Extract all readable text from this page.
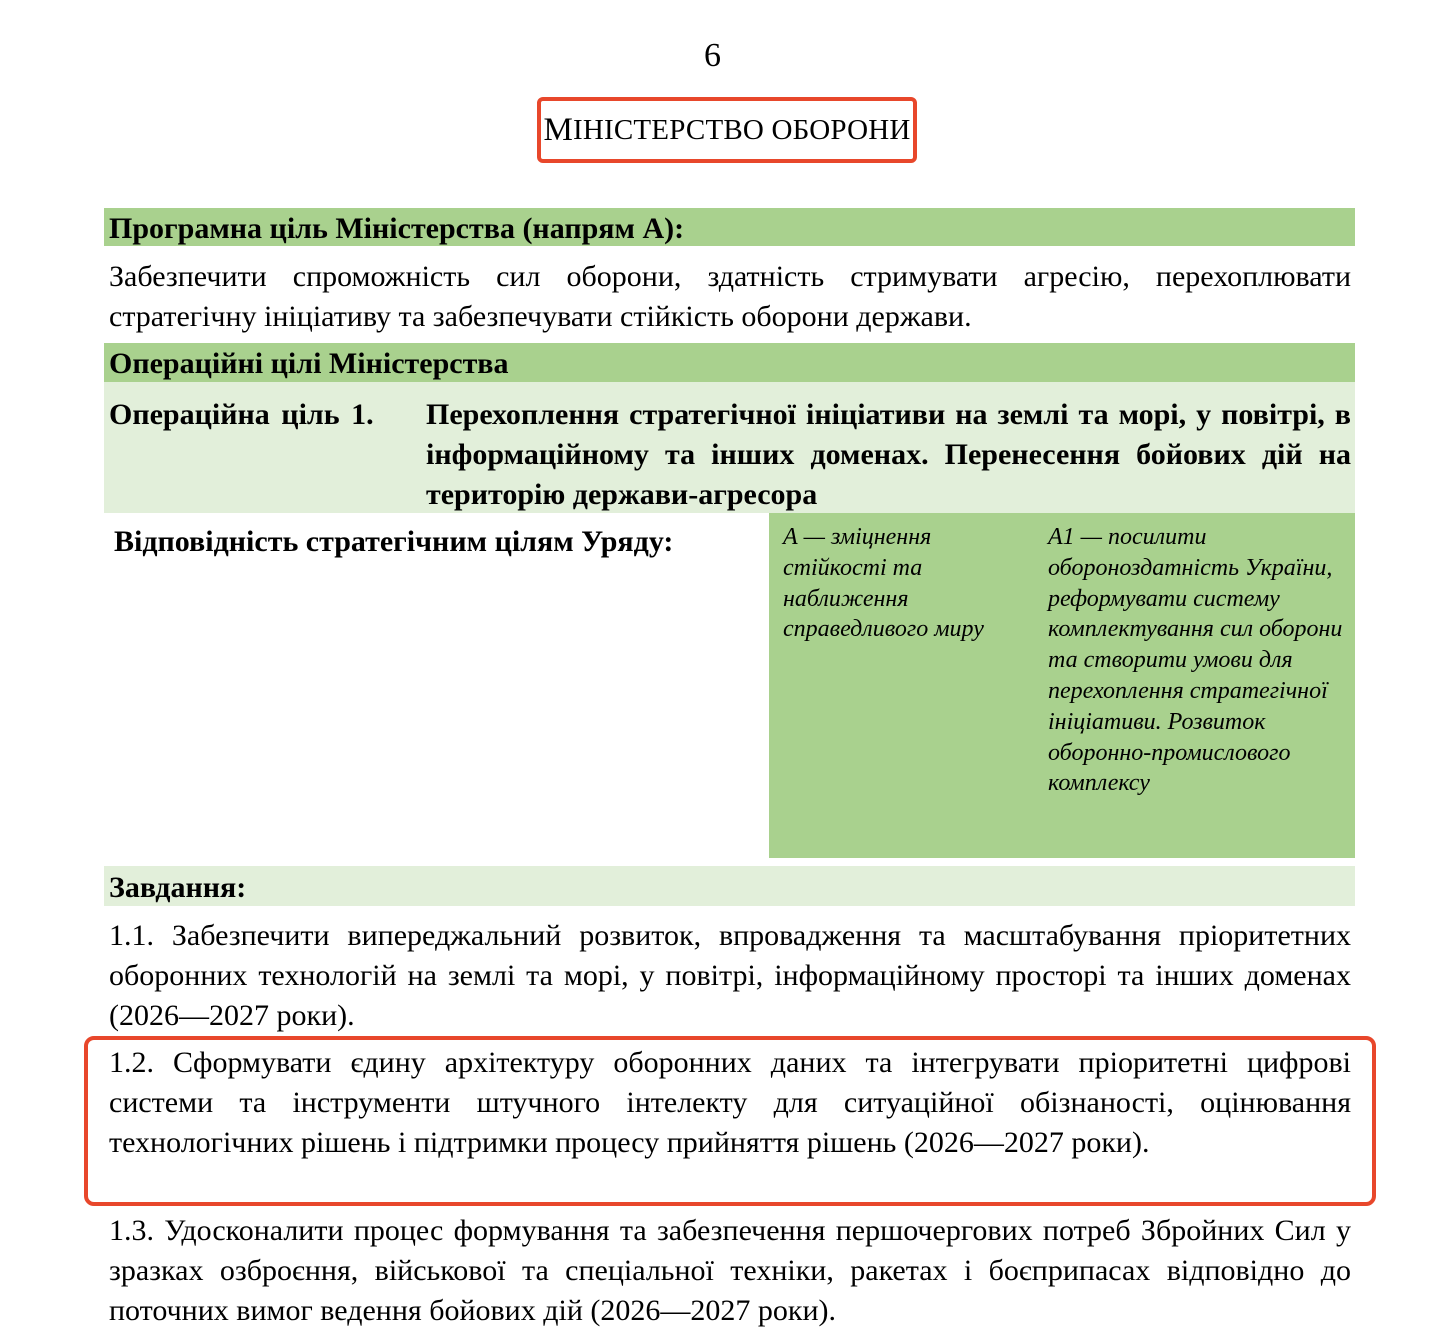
6
М ІНІСТЕРСТВО ОБОРОНИ
Програмна ціль Міністерства (напрям А):
Забезпечити спроможність сил оборони, здатність стримувати агресію, перехоплювати стратегічну ініціативу та забезпечувати стійкість оборони держави.
Операційні цілі Міністерства
Операційна ціль 1. Перехоплення стратегічної ініціативи на землі та морі, у повітрі, в інформаційному та інших доменах. Перенесення бойових дій на територію держави-агресора
Відповідність стратегічним цілям Уряду:	А — зміцнення стійкості та наближення справедливого миру
А1 — посилити обороноздатність України, реформувати систему комплектування сил оборони та створити умови для перехоплення стратегічної ініціативи. Розвиток оборонно-промислового комплексу
Завдання:
1.1. Забезпечити випереджальний розвиток, впровадження та масштабування пріоритетних оборонних технологій на землі та морі, у повітрі, інформаційному просторі та інших доменах (2026—2027 роки).
1.2. Сформувати єдину архітектуру оборонних даних та інтегрувати пріоритетні цифрові системи та інструменти штучного інтелекту для ситуаційної обізнаності, оцінювання технологічних рішень і підтримки процесу прийняття рішень (2026—2027 роки).
1.3. Удосконалити процес формування та забезпечення першочергових потреб Збройних Сил у зразках озброєння, військової та спеціальної техніки, ракетах і боєприпасах відповідно до поточних вимог ведення бойових дій (2026—2027 роки).
